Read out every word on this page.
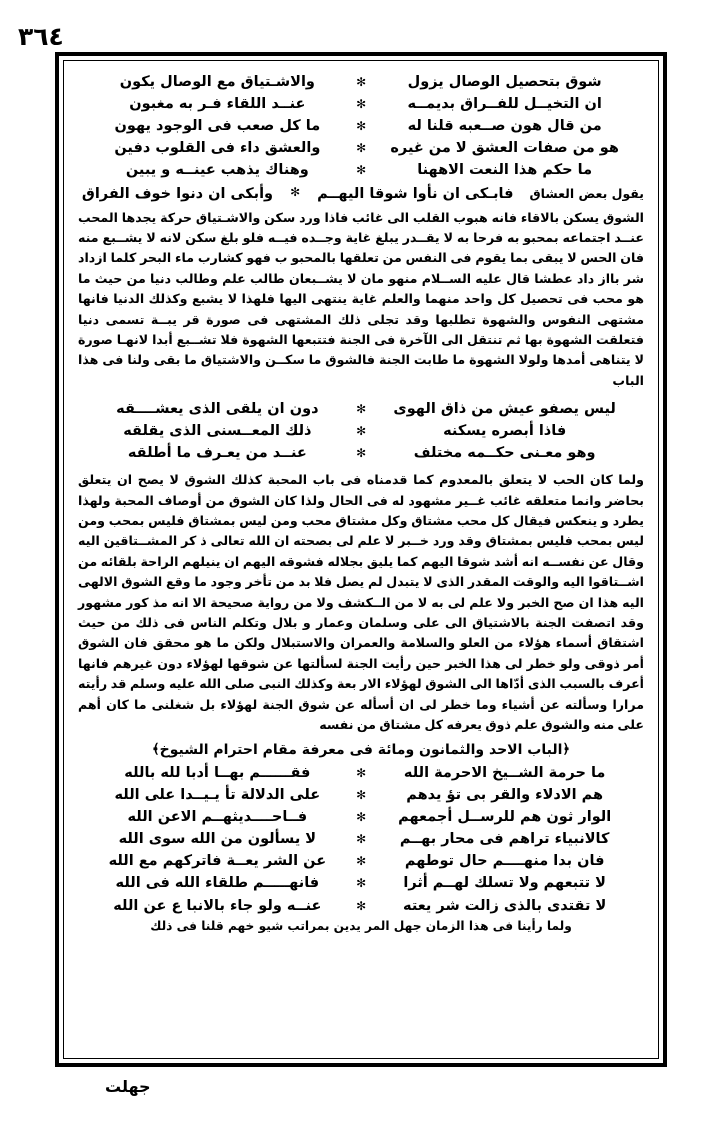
٣٦٤
شوق بتحصيل الوصال يزول
✻
والاشـتياق مع الوصال يكون
ان التخيــل للفــراق بديمــه
✻
عنــد اللقاء فـر به مغبون
من قال هون صــعبه قلنا له
✻
ما كل صعب فى الوجود يهون
هو من صفات العشق لا من غيره
✻
والعشق داء فى القلوب دفين
ما حكم هذا النعت الاههنا
✻
وهناك يذهب عينــه و يبين
يقول بعض العشاق
فابـكى ان نأوا شوقا اليهــم
✻
وأبكى ان دنوا خوف الفراق

الشوق يسكن بالاقاء فانه هبوب القلب الى غائب فاذا ورد سكن والاشـتياق حركة يجدها المحب عنــد اجتماعه بمحبو به فرحا به لا يقــدر يبلغ غاية وجــده فيــه فلو بلغ سكن لانه لا يشــبع منه فان الحس لا يبقى بما يقوم فى النفس من تعلقها بالمحبو ب فهو كشارب ماء البحر كلما ازداد شر بااز داد عطشا قال عليه الســلام منهو مان لا يشــبعان طالب علم وطالب دنيا من حيث ما هو محب فى تحصيل كل واحد منهما والعلم غاية ينتهى اليها فلهذا لا يشبع وكذلك الدنيا فانها مشتهى النفوس والشهوة تطلبها وقد تجلى ذلك المشتهى فى صورة قر يبــة تسمى دنيا فتعلقت الشهوة بها ثم تنتقل الى الآخرة فى الجنة فتتبعها الشهوة فلا تشــبع أبدا لانهـا صورة لا يتناهى أمدها ولولا الشهوة ما طابت الجنة فالشوق ما سكــن والاشتياق ما بقى ولنا فى هذا الباب

ليس يصفو عيش من ذاق الهوى
✻
دون ان يلقى الذى يعشــــقه
فاذا أبصره يسكنه
✻
ذلك المعــسنى الذى يقلقه
وهو معـنى حكــمه مختلف
✻
عنــد من يعـرف ما أطلقه

ولما كان الحب لا يتعلق بالمعدوم كما قدمناه فى باب المحبة كذلك الشوق لا يصح ان يتعلق بحاضر وانما متعلقه غائب غــير مشهود له فى الحال ولذا كان الشوق من أوصاف المحبة ولهذا يطرد و ينعكس فيقال كل محب مشتاق وكل مشتاق محب ومن ليس بمشتاق فليس بمحب ومن ليس بمحب فليس بمشتاق وقد ورد خــبر لا علم لى بصحته ان الله تعالى ذ كر المشــتاقين اليه وقال عن نفســه انه أشد شوقا اليهم كما يليق بجلاله فشوقه اليهم ان ينيلهم الراحة بلقائه من اشــتاقوا اليه والوقت المقدر الذى لا يتبدل لم يصل فلا بد من تأخر وجود ما وقع الشوق الالهى اليه هذا ان صح الخبر ولا علم لى به لا من الــكشف ولا من رواية صحيحة الا انه مذ كور مشهور وقد اتصفت الجنة بالاشتياق الى على وسلمان وعمار و بلال وتكلم الناس فى ذلك من حيث اشتقاق أسماء هؤلاء من العلو والسلامة والعمران والاستبلال ولكن ما هو محقق فان الشوق أمر ذوقى ولو خطر لى هذا الخبر حين رأيت الجنة لسألتها عن شوقها لهؤلاء دون غيرهم فانها أعرف بالسبب الذى أدّاها الى الشوق لهؤلاء الار بعة وكذلك النبى صلى الله عليه وسلم قد رأيته مرارا وسألته عن أشياء وما خطر لى ان أسأله عن شوق الجنة لهؤلاء بل شغلنى ما كان أهم على منه والشوق علم ذوق يعرفه كل مشتاق من نفسه

﴿الباب الاحد والثمانون ومائة فى معرفة مقام احترام الشيوخ﴾
ما حرمة الشــيخ الاحرمة الله
✻
فقــــــم بهــا أدبا لله بالله
هم الادلاء والقر بى تؤ يدهم
✻
على الدلالة تأ يـيــدا على الله
الوار ثون هم للرســل أجمعهم
✻
فــاحــــديثهــم الاعن الله
كالانبياء تراهم فى محار بهــم
✻
لا يسألون من الله سوى الله
فان بدا منهــــم حال توطهم
✻
عن الشر يعــة فاتركهم مع الله
لا تتبعهم ولا تسلك لهــم أثرا
✻
فانهـــــم طلقاء الله فى الله
لا تقتدى بالذى زالت شر يعته
✻
عنــه ولو جاء بالانبا ع عن الله
ولما رأينا فى هذا الزمان جهل المر يدين بمراتب شيو خهم قلنا فى ذلك
جهلت
